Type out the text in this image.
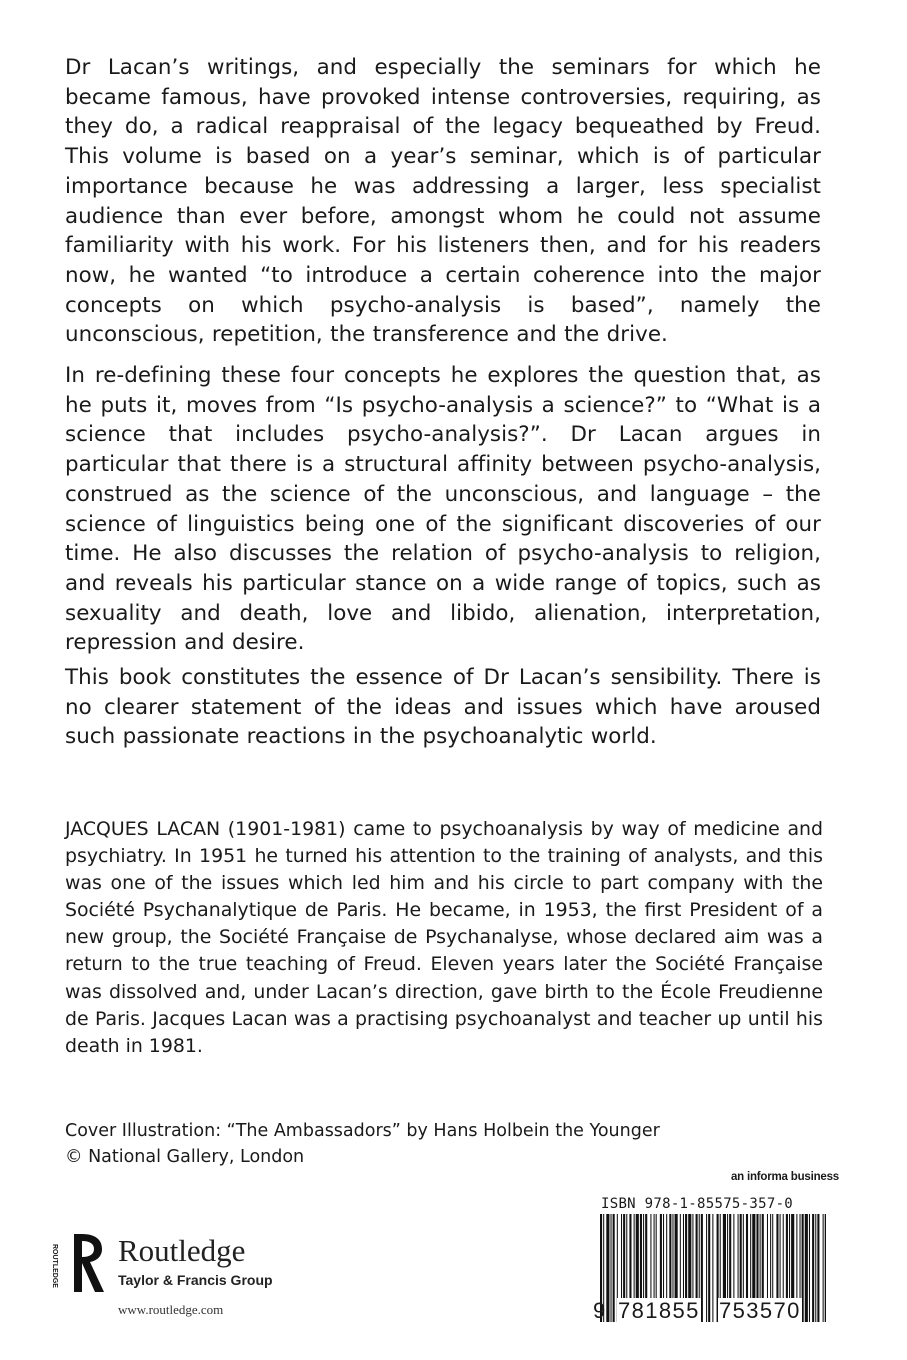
Dr Lacan’s writings, and especially the seminars for which he became famous, have provoked intense controversies, requiring, as they do, a radical reappraisal of the legacy bequeathed by Freud. This volume is based on a year’s seminar, which is of particular importance because he was addressing a larger, less specialist audience than ever before, amongst whom he could not assume familiarity with his work. For his listeners then, and for his readers now, he wanted “to introduce a certain coherence into the major concepts on which psycho-analysis is based”, namely the unconscious, repetition, the transference and the drive.

In re-defining these four concepts he explores the question that, as he puts it, moves from “Is psycho-analysis a science?” to “What is a science that includes psycho-analysis?”. Dr Lacan argues in particular that there is a structural affinity between psycho-analysis, construed as the science of the unconscious, and language – the science of linguistics being one of the significant discoveries of our time. He also discusses the relation of psycho-analysis to religion, and reveals his particular stance on a wide range of topics, such as sexuality and death, love and libido, alienation, interpretation, repression and desire.

This book constitutes the essence of Dr Lacan’s sensibility. There is no clearer statement of the ideas and issues which have aroused such passionate reactions in the psychoanalytic world.

JACQUES LACAN (1901-1981) came to psychoanalysis by way of medicine and psychiatry. In 1951 he turned his attention to the training of analysts, and this was one of the issues which led him and his circle to part company with the Société Psychanalytique de Paris. He became, in 1953, the first President of a new group, the Société Française de Psychanalyse, whose declared aim was a return to the true teaching of Freud. Eleven years later the Société Française was dissolved and, under Lacan’s direction, gave birth to the École Freudienne de Paris. Jacques Lacan was a practising psychoanalyst and teacher up until his death in 1981.

Cover Illustration: “The Ambassadors” by Hans Holbein the Younger
© National Gallery, London
an informa business
ISBN 978-1-85575-357-0
9 781855 753570
ROUTLEDGE Routledge
Taylor & Francis Group
www.routledge.com
